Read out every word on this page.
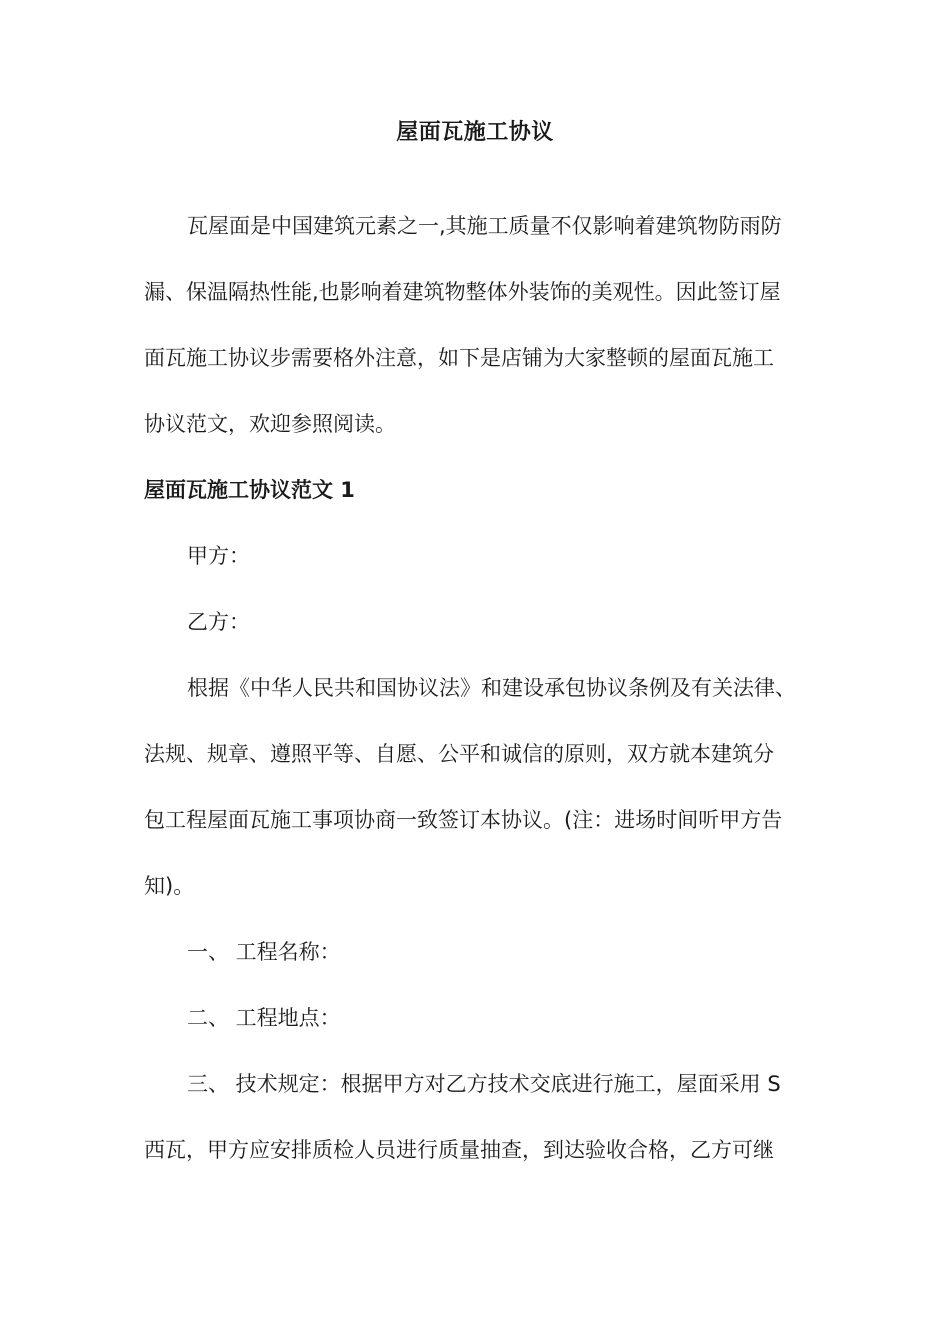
屋面瓦施工协议
瓦屋面是中国建筑元素之一,其施工质量不仅影响着建筑物防雨防
漏、保温隔热性能,也影响着建筑物整体外装饰的美观性。因此签订屋
面瓦施工协议步需要格外注意，如下是店铺为大家整顿的屋面瓦施工
协议范文，欢迎参照阅读。
屋面瓦施工协议范文 1
甲方：
乙方：
根据《中华人民共和国协议法》和建设承包协议条例及有关法律、
法规、规章、遵照平等、自愿、公平和诚信的原则，双方就本建筑分
包工程屋面瓦施工事项协商一致签订本协议。(注：进场时间听甲方告
知)。
一、 工程名称：
二、 工程地点：
三、 技术规定：根据甲方对乙方技术交底进行施工，屋面采用 S
西瓦，甲方应安排质检人员进行质量抽查，到达验收合格，乙方可继
